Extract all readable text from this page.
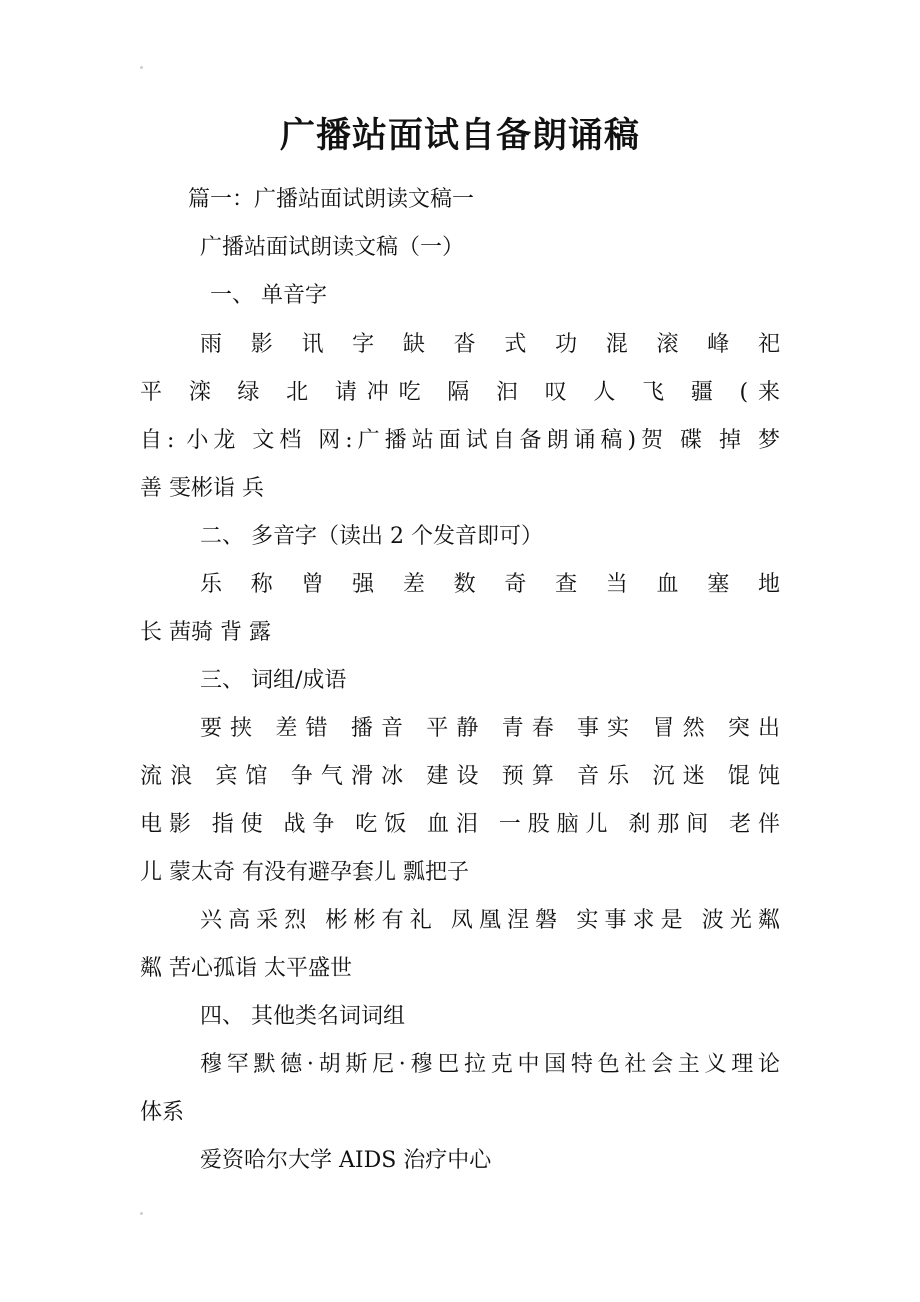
广播站面试自备朗诵稿
篇一：广播站面试朗读文稿一
广播站面试朗读文稿（一）
一、 单音字
雨 影 讯 字 缺 沓 式 功 混 滚 峰 祀
平 滦 绿 北 请冲吃 隔 汩 叹 人 飞 疆 (来
自: 小龙 文档 网:广播站面试自备朗诵稿)贺 碟 掉 梦
善 雯彬诣 兵
二、 多音字（读出 2 个发音即可）
乐 称 曾 强 差 数 奇 查 当 血 塞 地
长 茜骑 背 露
三、 词组/成语
要挟 差错 播音 平静 青春 事实 冒然 突出
流浪 宾馆 争气滑冰 建设 预算 音乐 沉迷 馄饨
电影 指使 战争 吃饭 血泪 一股脑儿 刹那间 老伴
儿 蒙太奇 有没有避孕套儿 瓢把子
兴高采烈 彬彬有礼 凤凰涅磐 实事求是 波光粼
粼 苦心孤诣 太平盛世
四、 其他类名词词组
穆罕默德·胡斯尼·穆巴拉克中国特色社会主义理论
体系
爱资哈尔大学 AIDS 治疗中心
